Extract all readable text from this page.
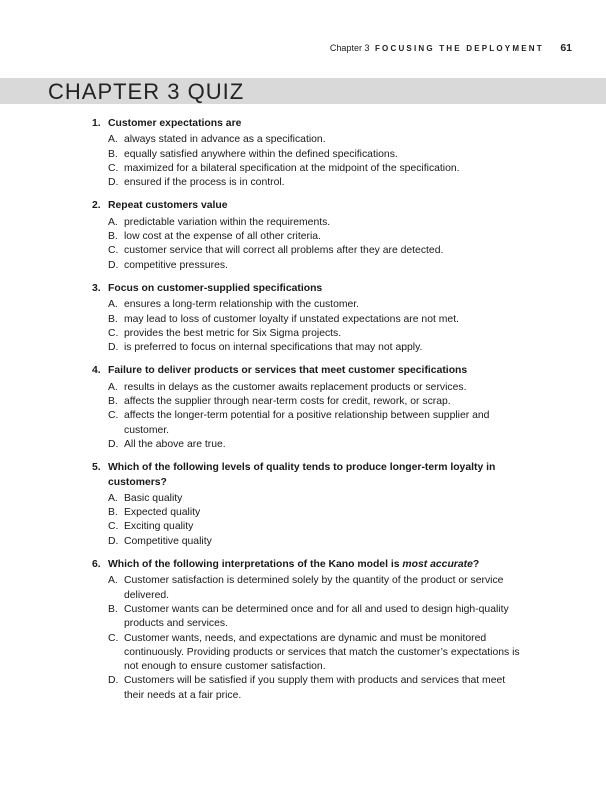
Chapter 3 FOCUSING THE DEPLOYMENT 61
CHAPTER 3 QUIZ
1. Customer expectations are
A. always stated in advance as a specification.
B. equally satisfied anywhere within the defined specifications.
C. maximized for a bilateral specification at the midpoint of the specification.
D. ensured if the process is in control.
2. Repeat customers value
A. predictable variation within the requirements.
B. low cost at the expense of all other criteria.
C. customer service that will correct all problems after they are detected.
D. competitive pressures.
3. Focus on customer-supplied specifications
A. ensures a long-term relationship with the customer.
B. may lead to loss of customer loyalty if unstated expectations are not met.
C. provides the best metric for Six Sigma projects.
D. is preferred to focus on internal specifications that may not apply.
4. Failure to deliver products or services that meet customer specifications
A. results in delays as the customer awaits replacement products or services.
B. affects the supplier through near-term costs for credit, rework, or scrap.
C. affects the longer-term potential for a positive relationship between supplier and customer.
D. All the above are true.
5. Which of the following levels of quality tends to produce longer-term loyalty in customers?
A. Basic quality
B. Expected quality
C. Exciting quality
D. Competitive quality
6. Which of the following interpretations of the Kano model is most accurate?
A. Customer satisfaction is determined solely by the quantity of the product or service delivered.
B. Customer wants can be determined once and for all and used to design high-quality products and services.
C. Customer wants, needs, and expectations are dynamic and must be monitored continuously. Providing products or services that match the customer’s expectations is not enough to ensure customer satisfaction.
D. Customers will be satisfied if you supply them with products and services that meet their needs at a fair price.
